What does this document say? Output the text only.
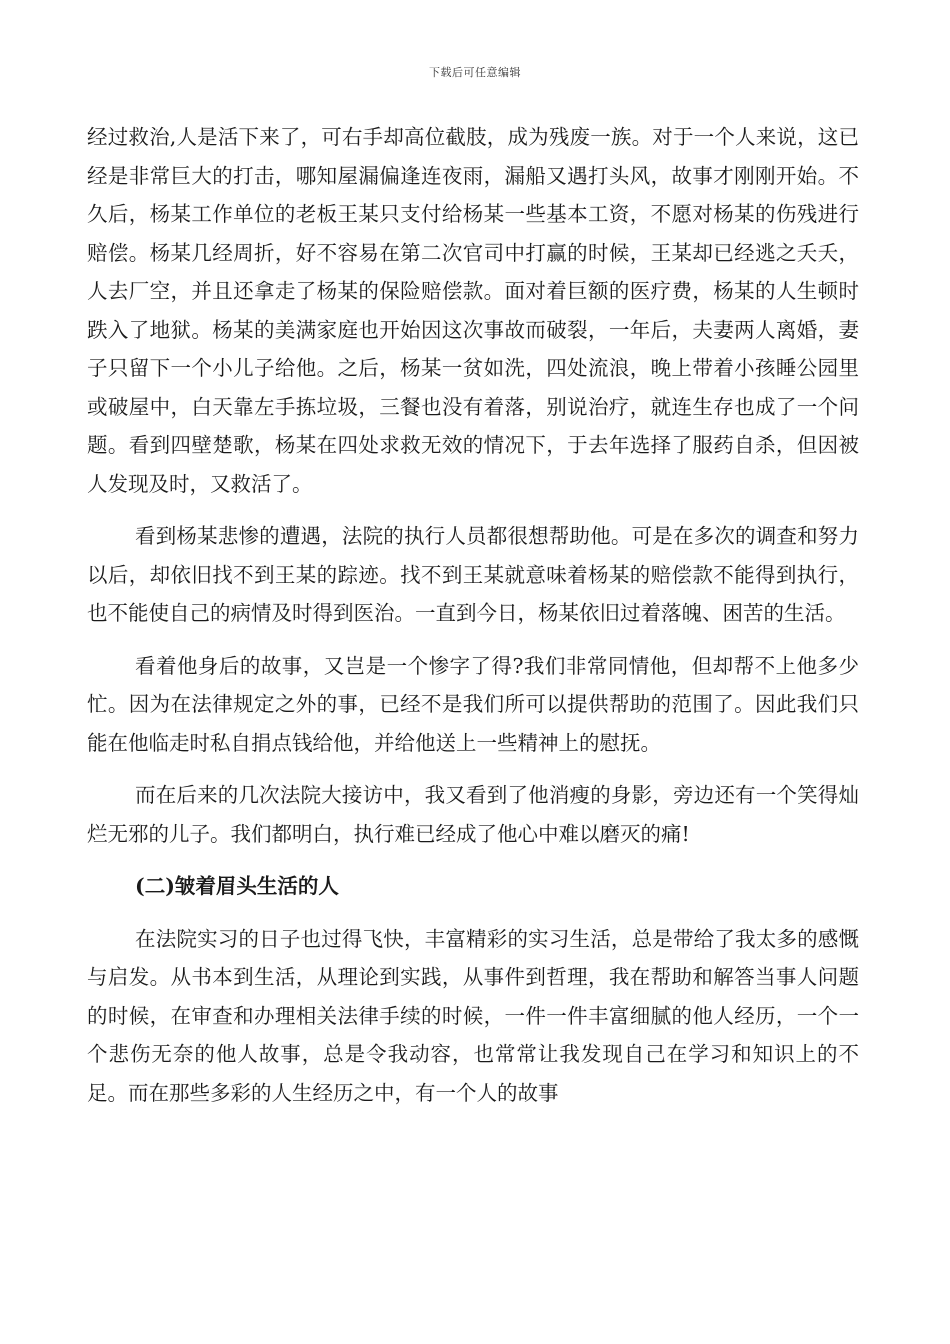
下载后可任意编辑

经过救治,人是活下来了，可右手却高位截肢，成为残废一族。对于一个人来说，这已经是非常巨大的打击，哪知屋漏偏逢连夜雨，漏船又遇打头风，故事才刚刚开始。不久后，杨某工作单位的老板王某只支付给杨某一些基本工资，不愿对杨某的伤残进行赔偿。杨某几经周折，好不容易在第二次官司中打赢的时候，王某却已经逃之夭夭，人去厂空，并且还拿走了杨某的保险赔偿款。面对着巨额的医疗费，杨某的人生顿时跌入了地狱。杨某的美满家庭也开始因这次事故而破裂，一年后，夫妻两人离婚，妻子只留下一个小儿子给他。之后，杨某一贫如洗，四处流浪，晚上带着小孩睡公园里或破屋中，白天靠左手拣垃圾，三餐也没有着落，别说治疗，就连生存也成了一个问题。看到四壁楚歌，杨某在四处求救无效的情况下，于去年选择了服药自杀，但因被人发现及时，又救活了。

看到杨某悲惨的遭遇，法院的执行人员都很想帮助他。可是在多次的调查和努力以后，却依旧找不到王某的踪迹。找不到王某就意味着杨某的赔偿款不能得到执行，也不能使自己的病情及时得到医治。一直到今日，杨某依旧过着落魄、困苦的生活。

看着他身后的故事，又岂是一个惨字了得?我们非常同情他，但却帮不上他多少忙。因为在法律规定之外的事，已经不是我们所可以提供帮助的范围了。因此我们只能在他临走时私自捐点钱给他，并给他送上一些精神上的慰抚。

而在后来的几次法院大接访中，我又看到了他消瘦的身影，旁边还有一个笑得灿烂无邪的儿子。我们都明白，执行难已经成了他心中难以磨灭的痛!

(二)皱着眉头生活的人

在法院实习的日子也过得飞快，丰富精彩的实习生活，总是带给了我太多的感慨与启发。从书本到生活，从理论到实践，从事件到哲理，我在帮助和解答当事人问题的时候，在审查和办理相关法律手续的时候，一件一件丰富细腻的他人经历，一个一个悲伤无奈的他人故事，总是令我动容，也常常让我发现自己在学习和知识上的不足。而在那些多彩的人生经历之中，有一个人的故事
